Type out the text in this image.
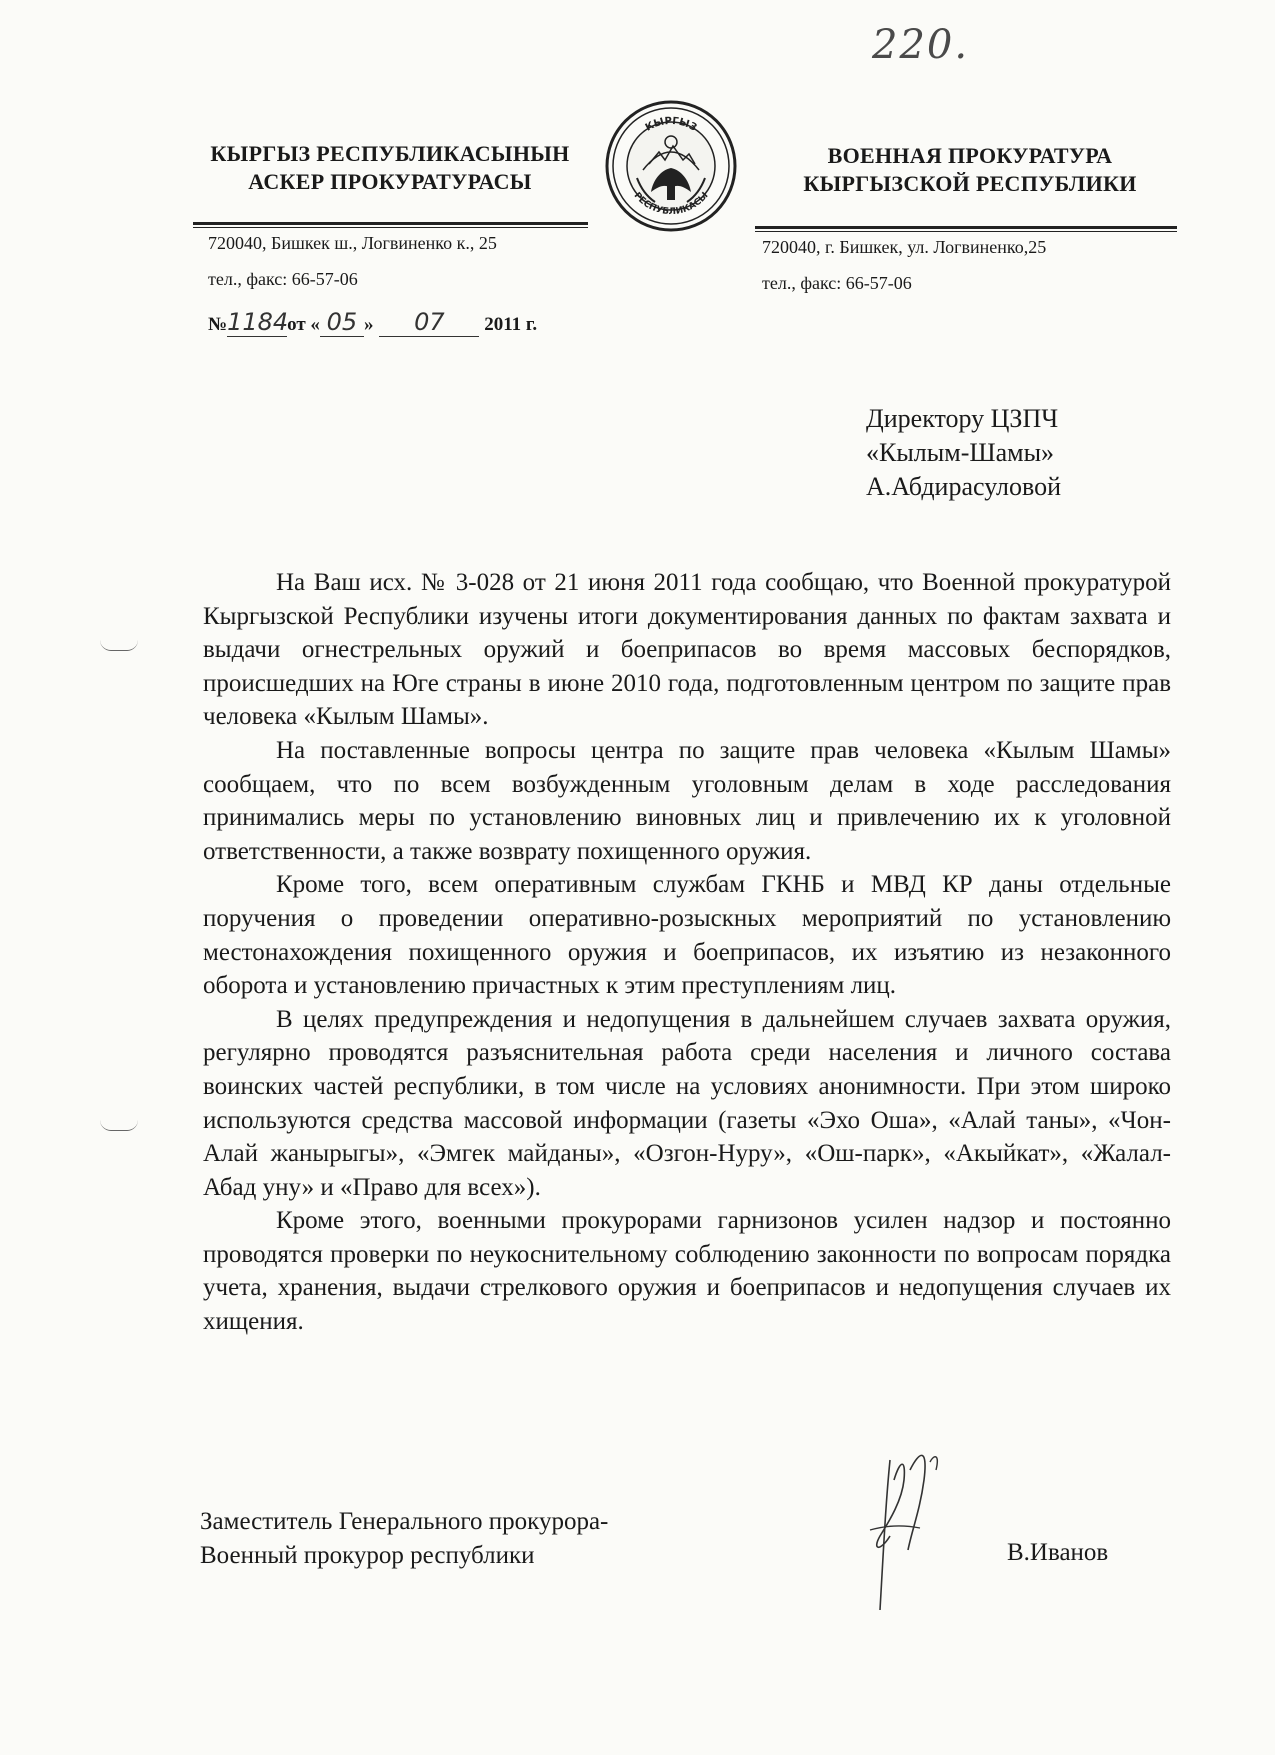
220.
КЫРГЫЗ РЕСПУБЛИКАСЫНЫН
АСКЕР ПРОКУРАТУРАСЫ
КЫРГЫЗ
РЕСПУБЛИКАСЫ
ВОЕННАЯ ПРОКУРАТУРА
КЫРГЫЗСКОЙ РЕСПУБЛИКИ
720040, Бишкек ш., Логвиненко к., 25
тел., факс: 66-57-06
720040, г. Бишкек, ул. Логвиненко,25
тел., факс: 66-57-06
№1184от « 05 » 07 2011 г.
Директору ЦЗПЧ
«Кылым-Шамы»
А.Абдирасуловой

На Ваш исх. № 3-028 от 21 июня 2011 года сообщаю, что Военной прокуратурой Кыргызской Республики изучены итоги документирования данных по фактам захвата и выдачи огнестрельных оружий и боеприпасов во время массовых беспорядков, происшедших на Юге страны в июне 2010 года, подготовленным центром по защите прав человека «Кылым Шамы».

На поставленные вопросы центра по защите прав человека «Кылым Шамы» сообщаем, что по всем возбужденным уголовным делам в ходе расследования принимались меры по установлению виновных лиц и привлечению их к уголовной ответственности, а также возврату похищенного оружия.

Кроме того, всем оперативным службам ГКНБ и МВД КР даны отдельные поручения о проведении оперативно-розыскных мероприятий по установлению местонахождения похищенного оружия и боеприпасов, их изъятию из незаконного оборота и установлению причастных к этим преступлениям лиц.

В целях предупреждения и недопущения в дальнейшем случаев захвата оружия, регулярно проводятся разъяснительная работа среди населения и личного состава воинских частей республики, в том числе на условиях анонимности. При этом широко используются средства массовой информации (газеты «Эхо Оша», «Алай таны», «Чон-Алай жанырыгы», «Эмгек майданы», «Озгон-Нуру», «Ош-парк», «Акыйкат», «Жалал-Абад уну» и «Право для всех»).

Кроме этого, военными прокурорами гарнизонов усилен надзор и постоянно проводятся проверки по неукоснительному соблюдению законности по вопросам порядка учета, хранения, выдачи стрелкового оружия и боеприпасов и недопущения случаев их хищения.

Заместитель Генерального прокурора-
Военный прокурор республики	В.Иванов
